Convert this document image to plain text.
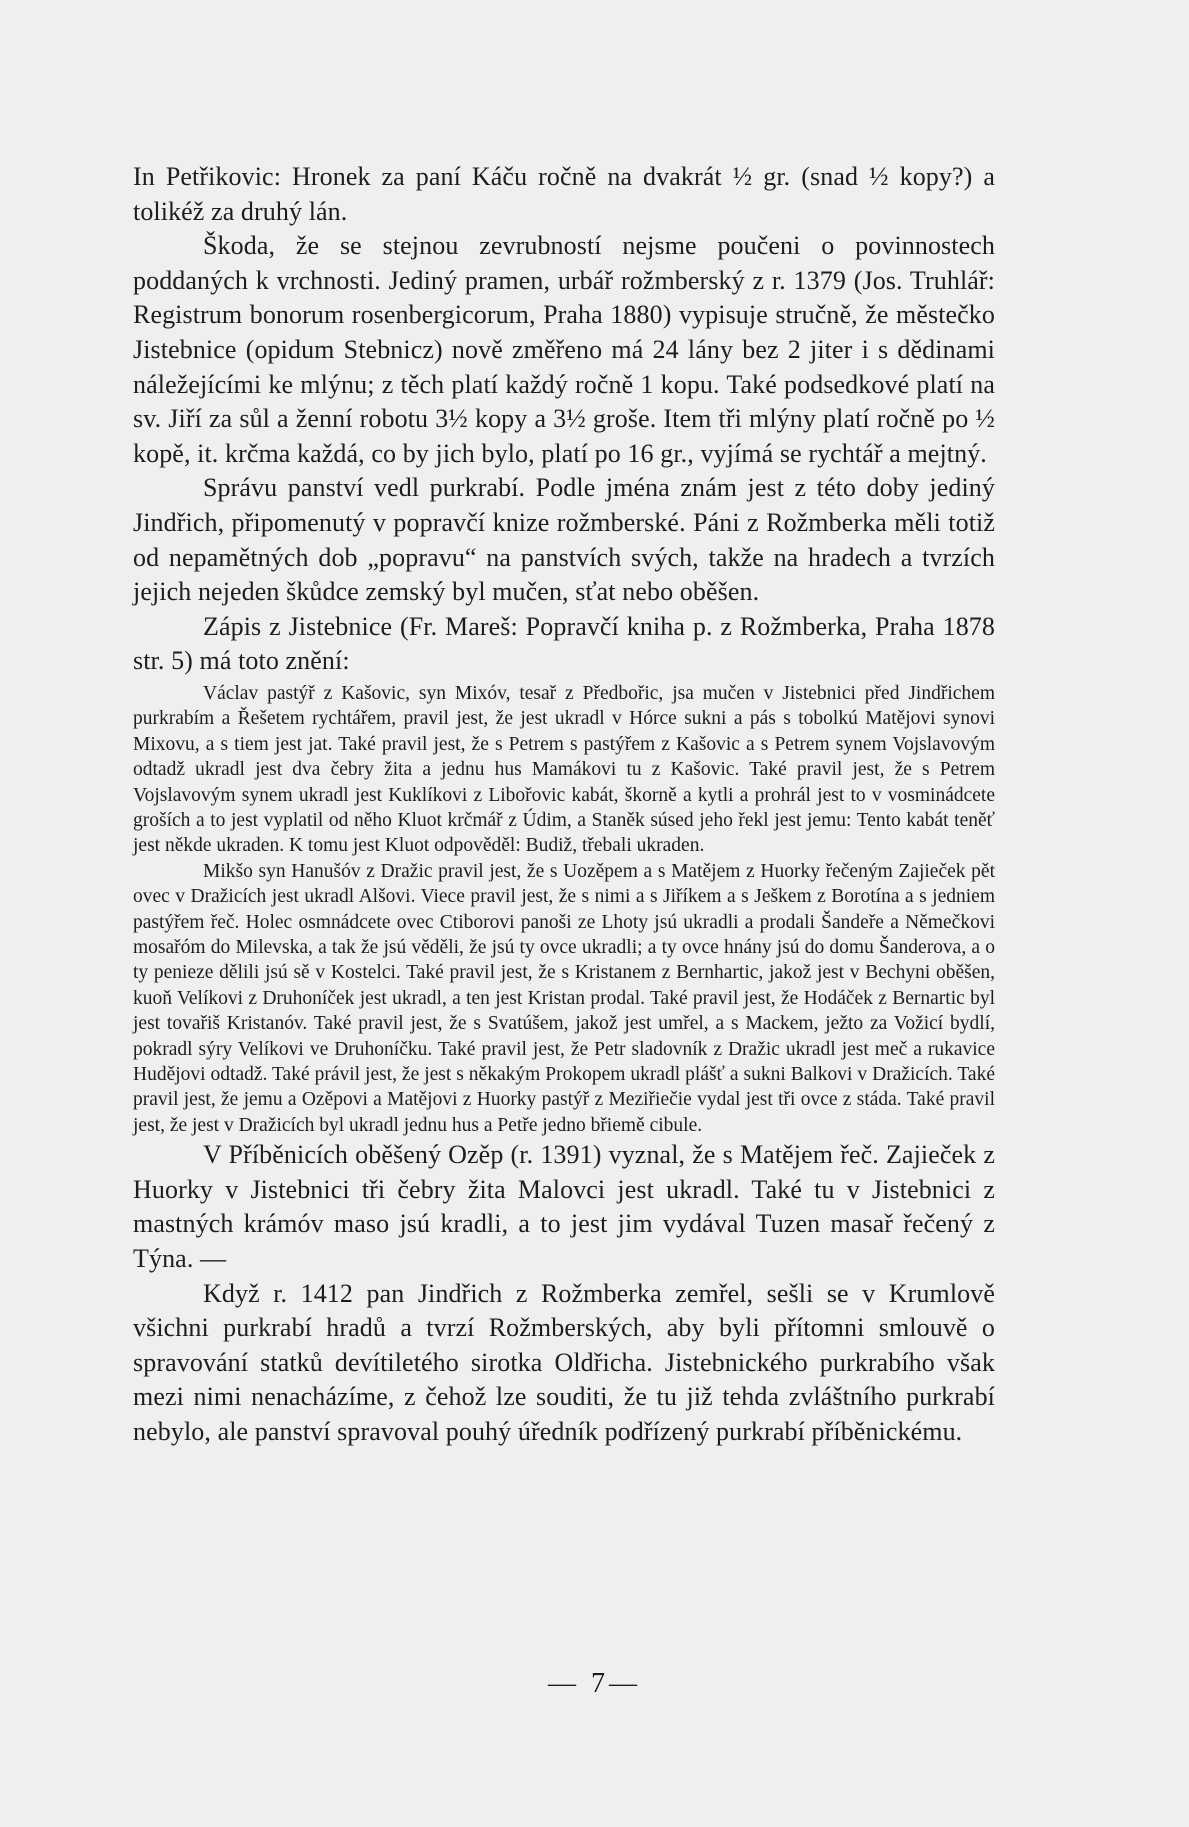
In Petřikovic: Hronek za paní Káču ročně na dvakrát ½ gr. (snad ½ kopy?) a tolikéž za druhý lán.

Škoda, že se stejnou zevrubností nejsme poučeni o povinnostech poddaných k vrchnosti. Jediný pramen, urbář rožmberský z r. 1379 (Jos. Truhlář: Registrum bonorum rosenbergicorum, Praha 1880) vypisuje stručně, že městečko Jistebnice (opidum Stebnicz) nově změřeno má 24 lány bez 2 jiter i s dědinami náležejícími ke mlýnu; z těch platí každý ročně 1 kopu. Také podsedkové platí na sv. Jiří za sůl a ženní robotu 3½ kopy a 3½ groše. Item tři mlýny platí ročně po ½ kopě, it. krčma každá, co by jich bylo, platí po 16 gr., vyjímá se rychtář a mejtný.

Správu panství vedl purkrabí. Podle jména znám jest z této doby jediný Jindřich, připomenutý v popravčí knize rožmberské. Páni z Rožmberka měli totiž od nepamětných dob „popravu“ na panstvích svých, takže na hradech a tvrzích jejich nejeden škůdce zemský byl mučen, sťat nebo oběšen.

Zápis z Jistebnice (Fr. Mareš: Popravčí kniha p. z Rožmberka, Praha 1878 str. 5) má toto znění:

Václav pastýř z Kašovic, syn Mixóv, tesař z Předbořic, jsa mučen v Jistebnici před Jindřichem purkrabím a Řešetem rychtářem, pravil jest, že jest ukradl v Hórce sukni a pás s tobolkú Matějovi synovi Mixovu, a s tiem jest jat. Také pravil jest, že s Petrem s pastýřem z Kašovic a s Petrem synem Vojslavovým odtadž ukradl jest dva čebry žita a jednu hus Mamákovi tu z Kašovic. Také pravil jest, že s Petrem Vojslavovým synem ukradl jest Kuklíkovi z Libořovic kabát, škorně a kytli a prohrál jest to v vosminádcete groších a to jest vyplatil od něho Kluot krčmář z Údim, a Staněk súsed jeho řekl jest jemu: Tento kabát teněť jest někde ukraden. K tomu jest Kluot odpověděl: Budiž, třebali ukraden.

Mikšo syn Hanušóv z Dražic pravil jest, že s Uozěpem a s Matějem z Huorky řečeným Zajieček pět ovec v Dražicích jest ukradl Alšovi. Viece pravil jest, že s nimi a s Jiříkem a s Ješkem z Borotína a s jedniem pastýřem řeč. Holec osmnádcete ovec Ctiborovi panoši ze Lhoty jsú ukradli a prodali Šandeře a Němečkovi mosařóm do Milevska, a tak že jsú věděli, že jsú ty ovce ukradli; a ty ovce hnány jsú do domu Šanderova, a o ty penieze dělili jsú sě v Kostelci. Také pravil jest, že s Kristanem z Bernhartic, jakož jest v Bechyni oběšen, kuoň Velíkovi z Druhoníček jest ukradl, a ten jest Kristan prodal. Také pravil jest, že Hodáček z Bernartic byl jest tovařiš Kristanóv. Také pravil jest, že s Svatúšem, jakož jest umřel, a s Mackem, ježto za Vožicí bydlí, pokradl sýry Velíkovi ve Druhoníčku. Také pravil jest, že Petr sladovník z Dražic ukradl jest meč a rukavice Hudějovi odtadž. Také právil jest, že jest s někakým Prokopem ukradl plášť a sukni Balkovi v Dražicích. Také pravil jest, že jemu a Ozěpovi a Matějovi z Huorky pastýř z Meziřiečie vydal jest tři ovce z stáda. Také pravil jest, že jest v Dražicích byl ukradl jednu hus a Petře jedno břiemě cibule.

V Příběnicích oběšený Ozěp (r. 1391) vyznal, že s Matějem řeč. Zajieček z Huorky v Jistebnici tři čebry žita Malovci jest ukradl. Také tu v Jistebnici z mastných krámóv maso jsú kradli, a to jest jim vydával Tuzen masař řečený z Týna. —

Když r. 1412 pan Jindřich z Rožmberka zemřel, sešli se v Krumlově všichni purkrabí hradů a tvrzí Rožmberských, aby byli přítomni smlouvě o spravování statků devítiletého sirotka Oldřicha. Jistebnického purkrabího však mezi nimi nenacházíme, z čehož lze souditi, že tu již tehda zvláštního purkrabí nebylo, ale panství spravoval pouhý úředník podřízený purkrabí příběnickému.

— 7—
